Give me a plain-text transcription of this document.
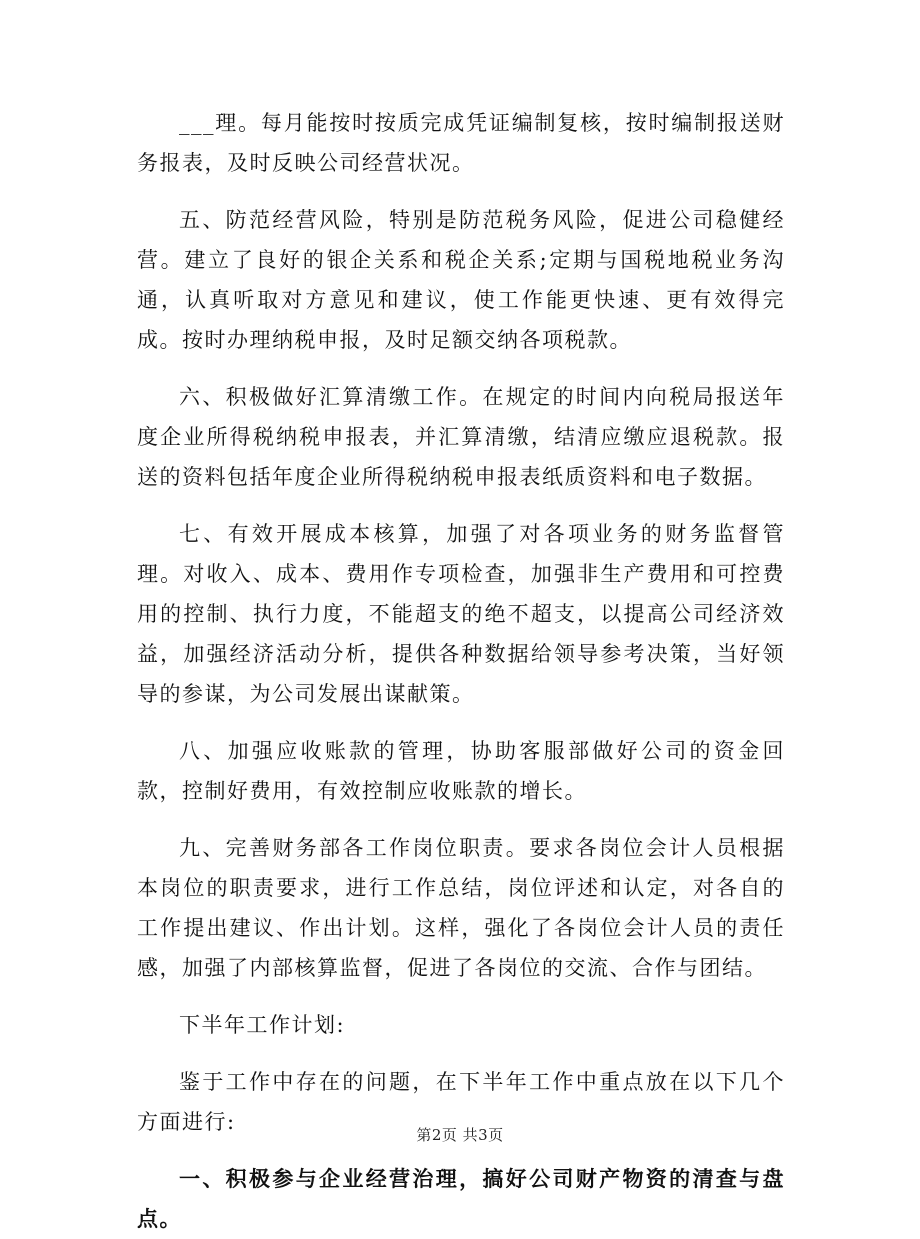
___理。每月能按时按质完成凭证编制复核，按时编制报送财务报表，及时反映公司经营状况。

五、防范经营风险，特别是防范税务风险，促进公司稳健经营。建立了良好的银企关系和税企关系;定期与国税地税业务沟通，认真听取对方意见和建议，使工作能更快速、更有效得完成。按时办理纳税申报，及时足额交纳各项税款。

六、积极做好汇算清缴工作。在规定的时间内向税局报送年度企业所得税纳税申报表，并汇算清缴，结清应缴应退税款。报送的资料包括年度企业所得税纳税申报表纸质资料和电子数据。

七、有效开展成本核算，加强了对各项业务的财务监督管理。对收入、成本、费用作专项检查，加强非生产费用和可控费用的控制、执行力度，不能超支的绝不超支，以提高公司经济效益，加强经济活动分析，提供各种数据给领导参考决策，当好领导的参谋，为公司发展出谋献策。

八、加强应收账款的管理，协助客服部做好公司的资金回款，控制好费用，有效控制应收账款的增长。

九、完善财务部各工作岗位职责。要求各岗位会计人员根据本岗位的职责要求，进行工作总结，岗位评述和认定，对各自的工作提出建议、作出计划。这样，强化了各岗位会计人员的责任感，加强了内部核算监督，促进了各岗位的交流、合作与团结。

下半年工作计划:

鉴于工作中存在的问题，在下半年工作中重点放在以下几个方面进行:

一、积极参与企业经营治理，搞好公司财产物资的清查与盘点。

第2页 共3页
